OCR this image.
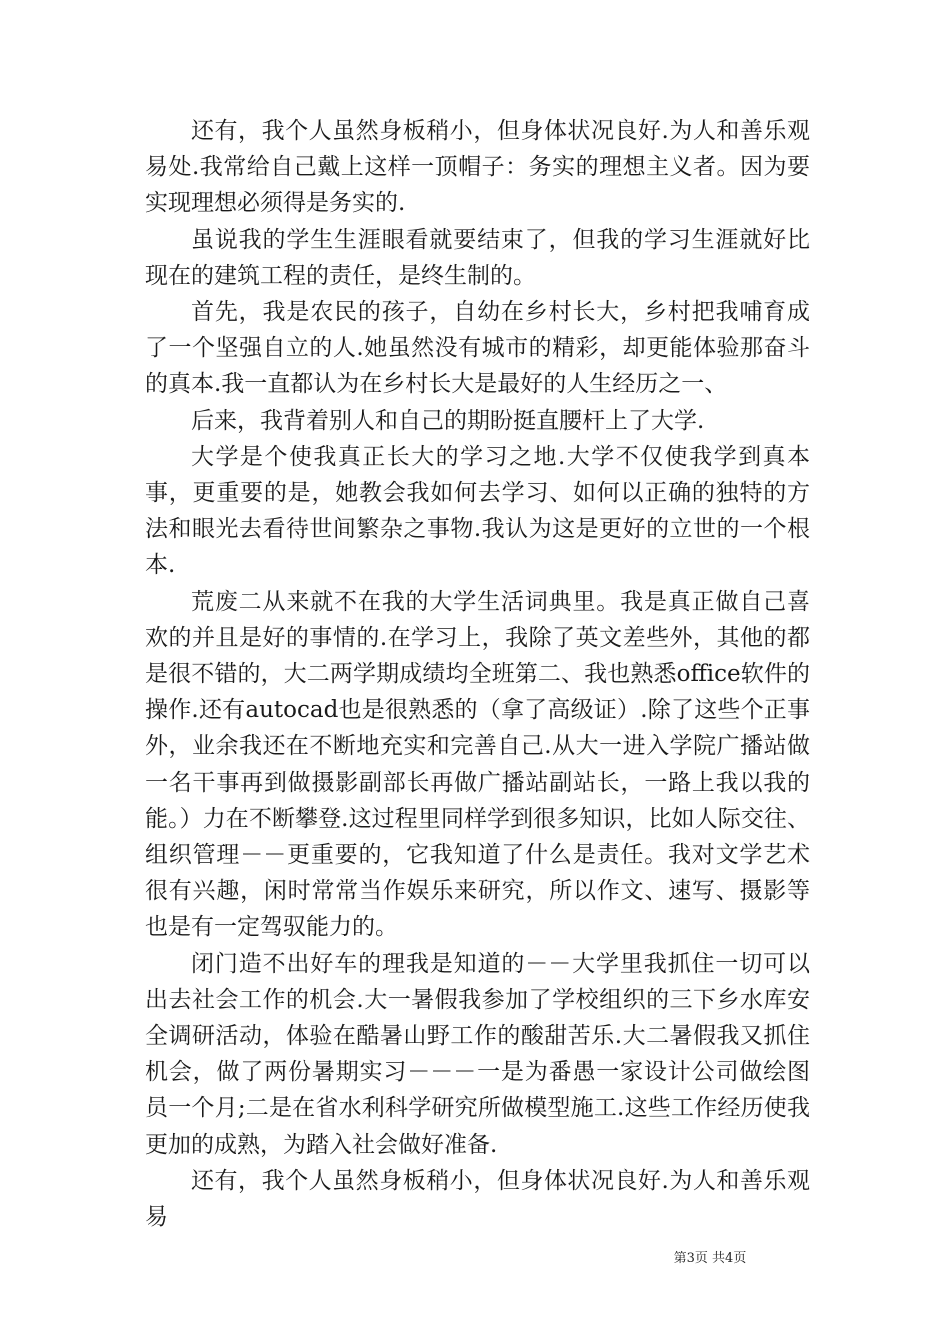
还有，我个人虽然身板稍小，但身体状况良好.为人和善乐观易处.我常给自己戴上这样一顶帽子：务实的理想主义者。因为要实现理想必须得是务实的.

虽说我的学生生涯眼看就要结束了，但我的学习生涯就好比现在的建筑工程的责任，是终生制的。

首先，我是农民的孩子，自幼在乡村长大，乡村把我哺育成了一个坚强自立的人.她虽然没有城市的精彩，却更能体验那奋斗的真本.我一直都认为在乡村长大是最好的人生经历之一、

后来，我背着别人和自己的期盼挺直腰杆上了大学.

大学是个使我真正长大的学习之地.大学不仅使我学到真本事，更重要的是，她教会我如何去学习、如何以正确的独特的方法和眼光去看待世间繁杂之事物.我认为这是更好的立世的一个根本.

荒废二从来就不在我的大学生活词典里。我是真正做自己喜欢的并且是好的事情的.在学习上，我除了英文差些外，其他的都是很不错的，大二两学期成绩均全班第二、我也熟悉office软件的操作.还有autocad也是很熟悉的（拿了高级证）.除了这些个正事外，业余我还在不断地充实和完善自己.从大一进入学院广播站做一名干事再到做摄影副部长再做广播站副站长，一路上我以我的能。）力在不断攀登.这过程里同样学到很多知识，比如人际交往、组织管理－－更重要的，它我知道了什么是责任。我对文学艺术很有兴趣，闲时常常当作娱乐来研究，所以作文、速写、摄影等也是有一定驾驭能力的。

闭门造不出好车的理我是知道的－－大学里我抓住一切可以出去社会工作的机会.大一暑假我参加了学校组织的三下乡水库安全调研活动，体验在酷暑山野工作的酸甜苦乐.大二暑假我又抓住机会，做了两份暑期实习－－－一是为番愚一家设计公司做绘图员一个月;二是在省水利科学研究所做模型施工.这些工作经历使我更加的成熟，为踏入社会做好准备.

还有，我个人虽然身板稍小，但身体状况良好.为人和善乐观易

第3页 共4页
